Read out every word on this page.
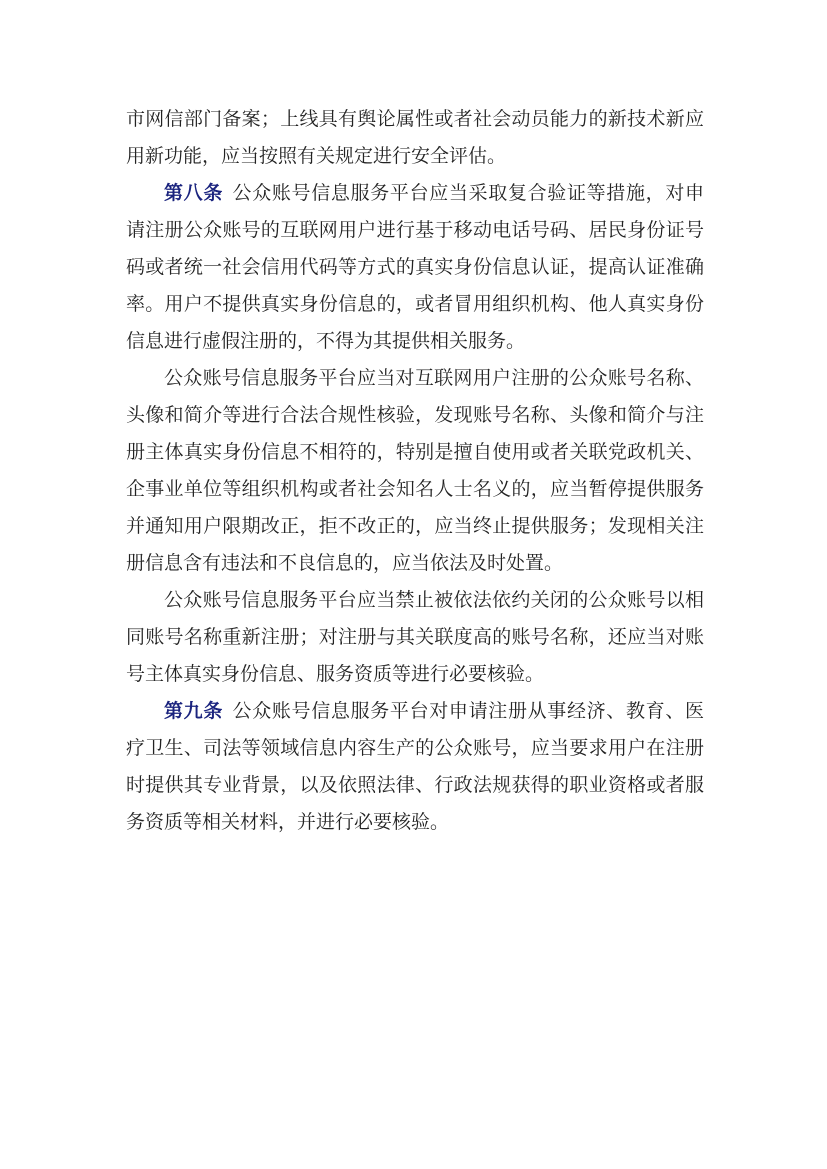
市网信部门备案；上线具有舆论属性或者社会动员能力的新技术新应用新功能，应当按照有关规定进行安全评估。

第八条 公众账号信息服务平台应当采取复合验证等措施，对申请注册公众账号的互联网用户进行基于移动电话号码、居民身份证号码或者统一社会信用代码等方式的真实身份信息认证，提高认证准确率。用户不提供真实身份信息的，或者冒用组织机构、他人真实身份信息进行虚假注册的，不得为其提供相关服务。

公众账号信息服务平台应当对互联网用户注册的公众账号名称、头像和简介等进行合法合规性核验，发现账号名称、头像和简介与注册主体真实身份信息不相符的，特别是擅自使用或者关联党政机关、企事业单位等组织机构或者社会知名人士名义的，应当暂停提供服务并通知用户限期改正，拒不改正的，应当终止提供服务；发现相关注册信息含有违法和不良信息的，应当依法及时处置。

公众账号信息服务平台应当禁止被依法依约关闭的公众账号以相同账号名称重新注册；对注册与其关联度高的账号名称，还应当对账号主体真实身份信息、服务资质等进行必要核验。

第九条 公众账号信息服务平台对申请注册从事经济、教育、医疗卫生、司法等领域信息内容生产的公众账号，应当要求用户在注册时提供其专业背景，以及依照法律、行政法规获得的职业资格或者服务资质等相关材料，并进行必要核验。
